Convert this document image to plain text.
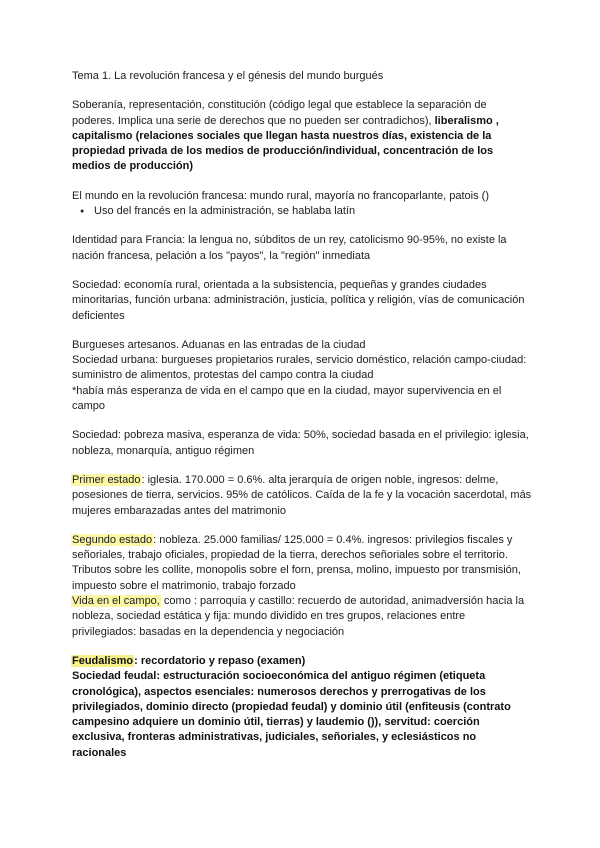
Tema 1. La revolución francesa y el génesis del mundo burgués

Soberanía, representación, constitución (código legal que establece la separación de poderes. Implica una serie de derechos que no pueden ser contradichos), liberalismo , capitalismo (relaciones sociales que llegan hasta nuestros días, existencia de la propiedad privada de los medios de producción/individual, concentración de los medios de producción)

El mundo en la revolución francesa: mundo rural, mayoría no francoparlante, patois ()

● Uso del francés en la administración, se hablaba latín

Identidad para Francia: la lengua no, súbditos de un rey, catolicismo 90-95%, no existe la nación francesa, pelación a los "payos", la "región" inmediata

Sociedad: economía rural, orientada a la subsistencia, pequeñas y grandes ciudades minoritarias, función urbana: administración, justicia, política y religión, vías de comunicación deficientes

Burgueses artesanos. Aduanas en las entradas de la ciudad

Sociedad urbana: burgueses propietarios rurales, servicio doméstico, relación campo-ciudad: suministro de alimentos, protestas del campo contra la ciudad

*había más esperanza de vida en el campo que en la ciudad, mayor supervivencia en el campo

Sociedad: pobreza masiva, esperanza de vida: 50%, sociedad basada en el privilegio: iglesia, nobleza, monarquía, antiguo régimen

Primer estado: iglesia. 170.000 = 0.6%. alta jerarquía de origen noble, ingresos: delme, posesiones de tierra, servicios. 95% de católicos. Caída de la fe y la vocación sacerdotal, más mujeres embarazadas antes del matrimonio

Segundo estado: nobleza. 25.000 familias/ 125.000 = 0.4%. ingresos: privilegios fiscales y señoriales, trabajo oficiales, propiedad de la tierra, derechos señoriales sobre el territorio. Tributos sobre les collite, monopolis sobre el forn, prensa, molino, impuesto por transmisión, impuesto sobre el matrimonio, trabajo forzado

Vida en el campo, como : parroquia y castillo: recuerdo de autoridad, animadversión hacia la nobleza, sociedad estática y fija: mundo dividido en tres grupos, relaciones entre privilegiados: basadas en la dependencia y negociación

Feudalismo: recordatorio y repaso (examen)

Sociedad feudal: estructuración socioeconómica del antiguo régimen (etiqueta cronológica), aspectos esenciales: numerosos derechos y prerrogativas de los privilegiados, dominio directo (propiedad feudal) y dominio útil (enfiteusis (contrato campesino adquiere un dominio útil, tierras) y laudemio ()), servitud: coerción exclusiva, fronteras administrativas, judiciales, señoriales, y eclesiásticos no racionales
